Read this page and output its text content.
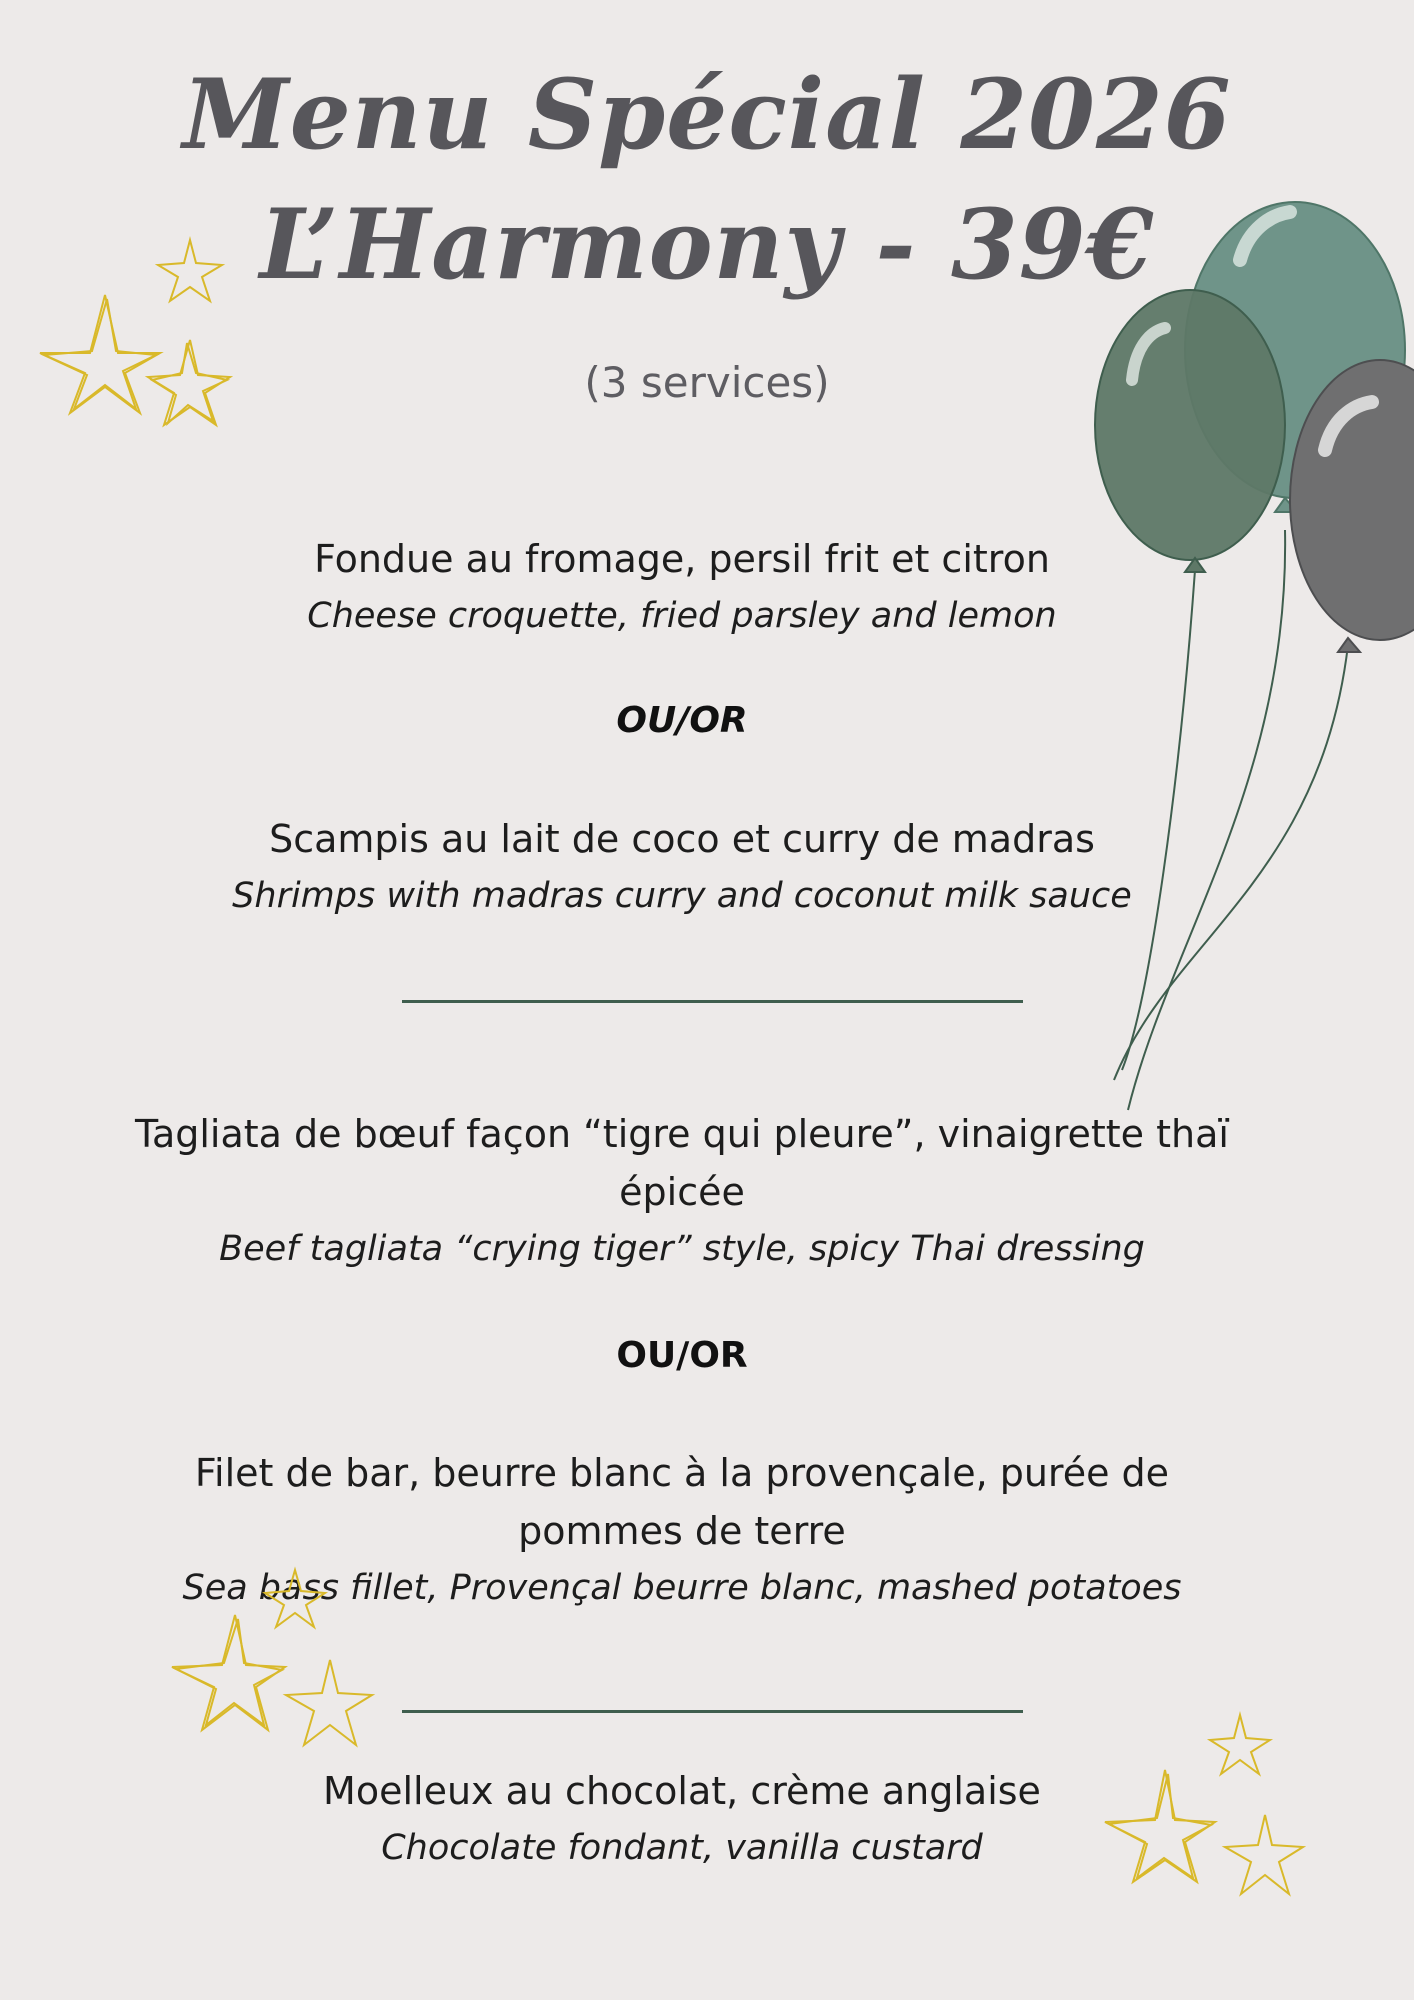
Menu Spécial 2026
L’Harmony - 39€
(3 services)
Fondue au fromage, persil frit et citron
Cheese croquette, fried parsley and lemon
OU/OR
Scampis au lait de coco et curry de madras
Shrimps with madras curry and coconut milk sauce
Tagliata de bœuf façon “tigre qui pleure”, vinaigrette thaï épicée
Beef tagliata “crying tiger” style, spicy Thai dressing
OU/OR
Filet de bar, beurre blanc à la provençale, purée de pommes de terre
Sea bass fillet, Provençal beurre blanc, mashed potatoes
Moelleux au chocolat, crème anglaise
Chocolate fondant, vanilla custard
